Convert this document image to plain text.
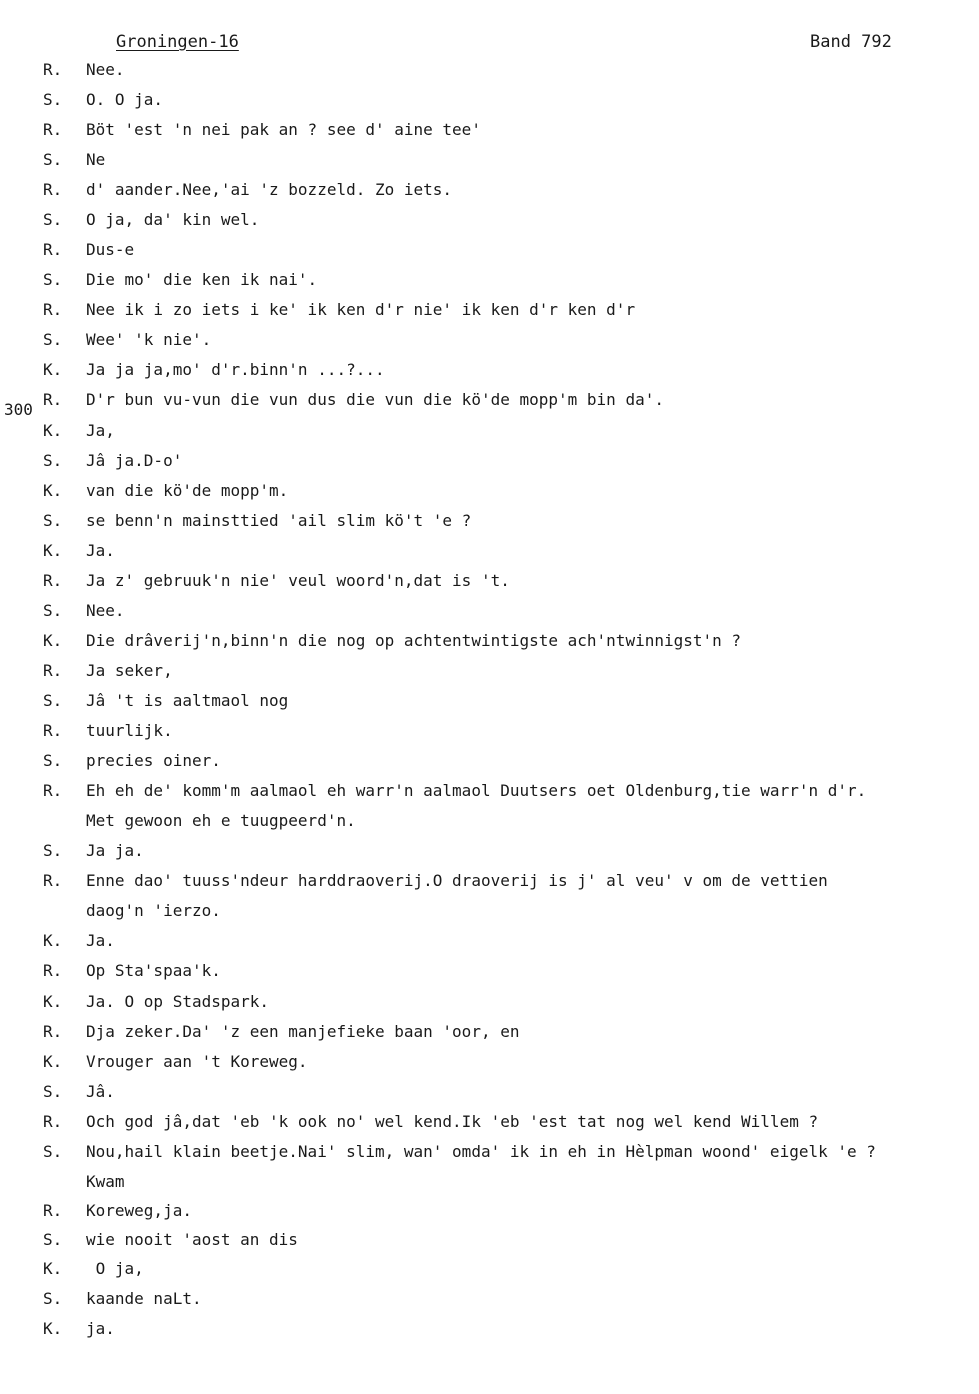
Groningen-16	Band 792
300
R. Nee.
S. O. O ja.
R. Böt 'est 'n nei pak an ? see d' aine tee'
S. Ne
R. d' aander.Nee,'ai 'z bozzeld. Zo iets.
S. O ja, da' kin wel.
R. Dus-e
S. Die mo' die ken ik nai'.
R. Nee ik i zo iets i ke' ik ken d'r nie' ik ken d'r ken d'r
S. Wee' 'k nie'.
K. Ja ja ja,mo' d'r.binn'n ...?...
R. D'r bun vu-vun die vun dus die vun die kö'de mopp'm bin da'.
K. Ja,
S. Jâ ja.D-o'
K. van die kö'de mopp'm.
S. se benn'n mainsttied 'ail slim kö't 'e ?
K. Ja.
R. Ja z' gebruuk'n nie' veul woord'n,dat is 't.
S. Nee.
K. Die drâverij'n,binn'n die nog op achtentwintigste ach'ntwinnigst'n ?
R. Ja seker,
S. Jâ 't is aaltmaol nog
R. tuurlijk.
S. precies oiner.
R. Eh eh de' komm'm aalmaol eh warr'n aalmaol Duutsers oet Oldenburg,tie warr'n d'r.
Met gewoon eh e tuugpeerd'n.
S. Ja ja.
R. Enne dao' tuuss'ndeur harddraoverij.O draoverij is j' al veu' v om de vettien
daog'n 'ierzo.
K. Ja.
R. Op Sta'spaa'k.
K. Ja. O op Stadspark.
R. Dja zeker.Da' 'z een manjefieke baan 'oor, en
K. Vrouger aan 't Koreweg.
S. Jâ.
R. Och god jâ,dat 'eb 'k ook no' wel kend.Ik 'eb 'est tat nog wel kend Willem ?
S. Nou,hail klain beetje.Nai' slim, wan' omda' ik in eh in Hèlpman woond' eigelk 'e ?
Kwam
R. Koreweg,ja.
S. wie nooit 'aost an dis
K. O ja,
S. kaande naLt.
K. ja.
